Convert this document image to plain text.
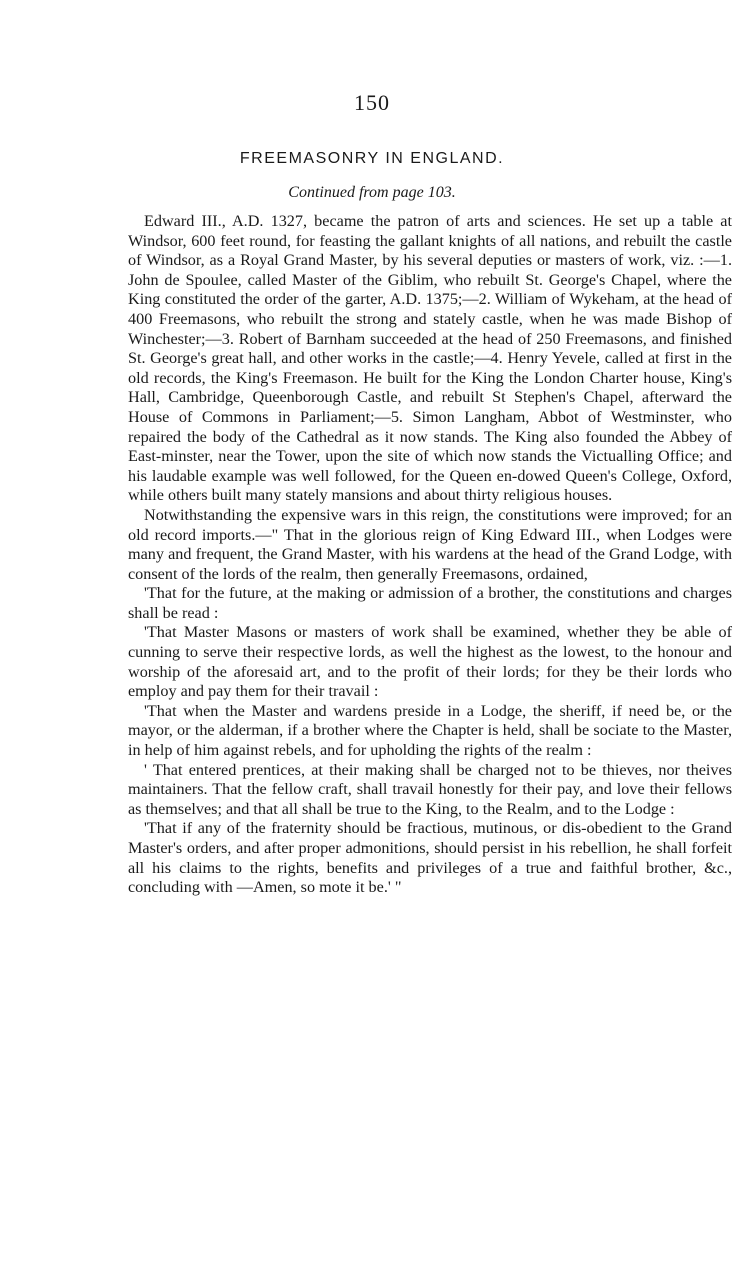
150
FREEMASONRY IN ENGLAND.
Continued from page 103.

Edward III., A.D. 1327, became the patron of arts and sciences. He set up a table at Windsor, 600 feet round, for feasting the gallant knights of all nations, and rebuilt the castle of Windsor, as a Royal Grand Master, by his several deputies or masters of work, viz. :—1. John de Spoulee, called Master of the Giblim, who rebuilt St. George's Chapel, where the King constituted the order of the garter, A.D. 1375;—2. William of Wykeham, at the head of 400 Freemasons, who rebuilt the strong and stately castle, when he was made Bishop of Winchester;—3. Robert of Barnham succeeded at the head of 250 Freemasons, and finished St. George's great hall, and other works in the castle;—4. Henry Yevele, called at first in the old records, the King's Freemason. He built for the King the London Charter house, King's Hall, Cambridge, Queenborough Castle, and rebuilt St Stephen's Chapel, afterward the House of Commons in Parliament;—5. Simon Langham, Abbot of Westminster, who repaired the body of the Cathedral as it now stands. The King also founded the Abbey of East-minster, near the Tower, upon the site of which now stands the Victualling Office; and his laudable example was well followed, for the Queen en-dowed Queen's College, Oxford, while others built many stately mansions and about thirty religious houses.

Notwithstanding the expensive wars in this reign, the constitutions were improved; for an old record imports.—" That in the glorious reign of King Edward III., when Lodges were many and frequent, the Grand Master, with his wardens at the head of the Grand Lodge, with consent of the lords of the realm, then generally Freemasons, ordained,

'That for the future, at the making or admission of a brother, the constitutions and charges shall be read :

'That Master Masons or masters of work shall be examined, whether they be able of cunning to serve their respective lords, as well the highest as the lowest, to the honour and worship of the aforesaid art, and to the profit of their lords; for they be their lords who employ and pay them for their travail :

'That when the Master and wardens preside in a Lodge, the sheriff, if need be, or the mayor, or the alderman, if a brother where the Chapter is held, shall be sociate to the Master, in help of him against rebels, and for upholding the rights of the realm :

' That entered prentices, at their making shall be charged not to be thieves, nor theives maintainers. That the fellow craft, shall travail honestly for their pay, and love their fellows as themselves; and that all shall be true to the King, to the Realm, and to the Lodge :

'That if any of the fraternity should be fractious, mutinous, or dis-obedient to the Grand Master's orders, and after proper admonitions, should persist in his rebellion, he shall forfeit all his claims to the rights, benefits and privileges of a true and faithful brother, &c., concluding with —Amen, so mote it be.' "
